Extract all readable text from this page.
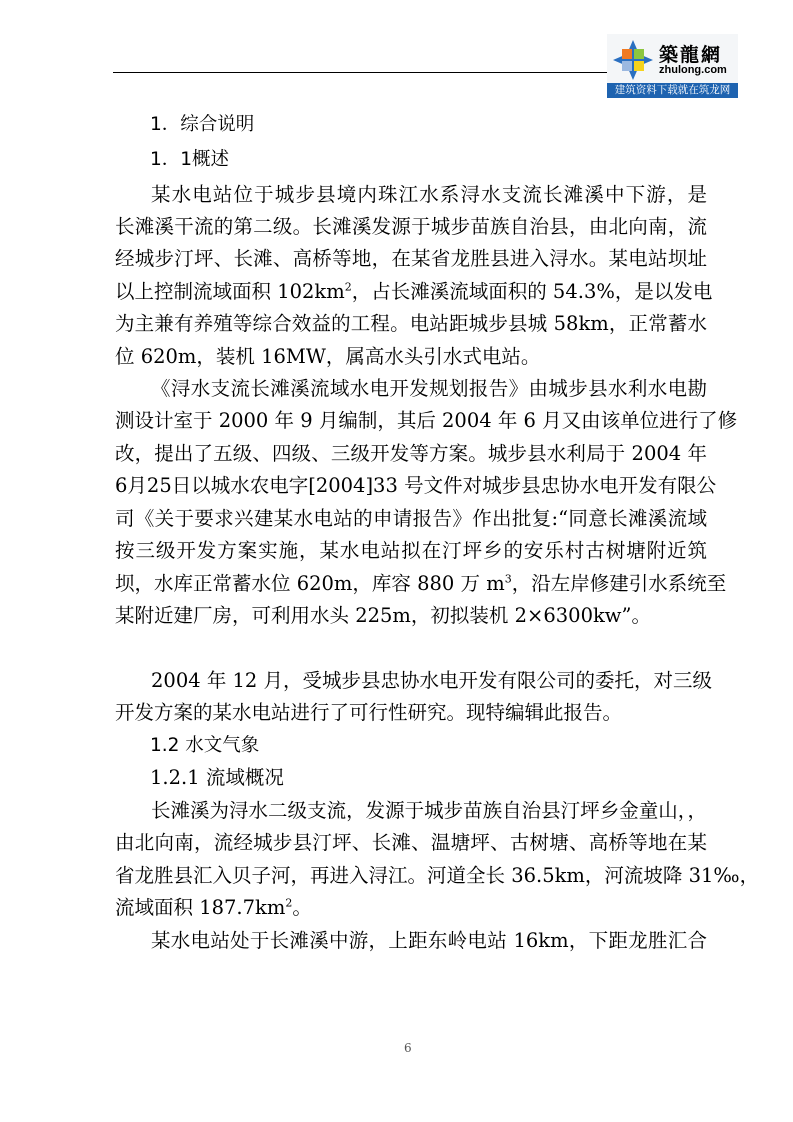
築龍網
zhulong.com
建筑资料下载就在筑龙网
1．综合说明
1．1概述
某水电站位于城步县境内珠江水系浔水支流长滩溪中下游，是
长滩溪干流的第二级。长滩溪发源于城步苗族自治县，由北向南，流
经城步汀坪、长滩、高桥等地，在某省龙胜县进入浔水。某电站坝址
以上控制流域面积 $102km^2$，占长滩溪流域面积的 54.3%，是以发电
为主兼有养殖等综合效益的工程。电站距城步县城 58km，正常蓄水
位 620m，装机 16MW，属高水头引水式电站。
《浔水支流长滩溪流域水电开发规划报告》由城步县水利水电勘
测设计室于 2000 年 9 月编制，其后 2004 年 6 月又由该单位进行了修
改，提出了五级、四级、三级开发等方案。城步县水利局于 2004 年
6月25日以城水农电字[2004]33 号文件对城步县忠协水电开发有限公
司《关于要求兴建某水电站的申请报告》作出批复:“同意长滩溪流域
按三级开发方案实施，某水电站拟在汀坪乡的安乐村古树塘附近筑
坝，水库正常蓄水位 620m，库容 880 万 $m^3$，沿左岸修建引水系统至
某附近建厂房，可利用水头 225m，初拟装机 2×6300kw”。
2004 年 12 月，受城步县忠协水电开发有限公司的委托，对三级
开发方案的某水电站进行了可行性研究。现特编辑此报告。
1.2 水文气象
1.2.1 流域概况
长滩溪为浔水二级支流，发源于城步苗族自治县汀坪乡金童山，，
由北向南，流经城步县汀坪、长滩、温塘坪、古树塘、高桥等地在某
省龙胜县汇入贝子河，再进入浔江。河道全长 36.5km，河流坡降 31‰，
流域面积 $187.7km^2$。
某水电站处于长滩溪中游，上距东岭电站 16km，下距龙胜汇合
6
